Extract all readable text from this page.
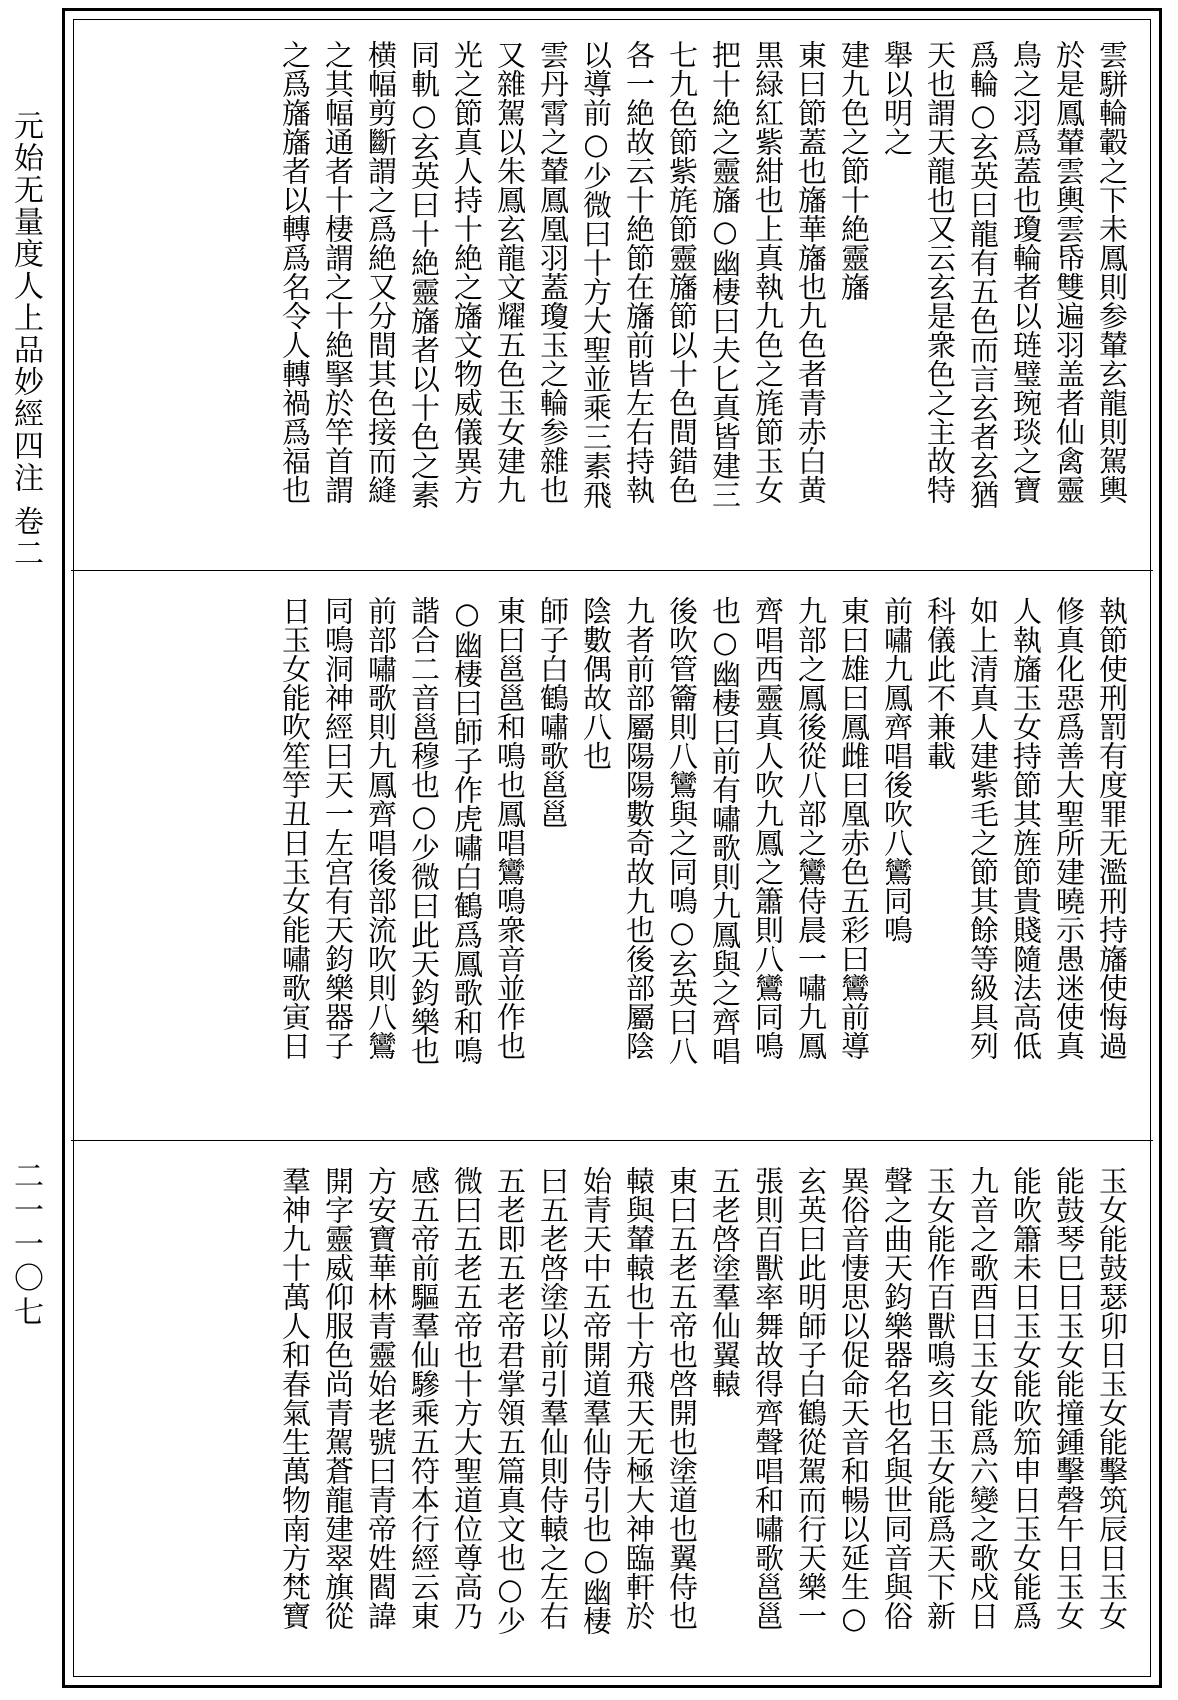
元始无量度人上品妙經四注 卷二
二一一〇七
雲駢輪轂之下未鳳則参輦玄龍則駕輿
於是鳳輦雲輿雲帋雙遍羽盖者仙禽靈
鳥之羽爲蓋也瓊輪者以琏璧琬琰之寶
爲輪○玄英曰龍有五色而言玄者玄猶
天也謂天龍也又云玄是衆色之主故特
舉以明之
建九色之節十絶靈旛
東曰節蓋也旛華旛也九色者青赤白黄
黒緑紅紫紺也上真執九色之旄節玉女
把十絶之靈旛○幽棲曰夫匕真皆建三
七九色節紫旄節靈旛節以十色間錯色
各一絶故云十絶節在旛前皆左右持執
以導前○少微曰十方大聖並乘三素飛
雲丹霄之輦鳳凰羽蓋瓊玉之輪参雜也
又雜駕以朱鳳玄龍文耀五色玉女建九
光之節真人持十絶之旛文物威儀異方
同軌○玄英曰十絶靈旛者以十色之素
横幅剪斷謂之爲絶又分間其色接而縫
之其幅通者十棲謂之十絶掔於竿首謂
之爲旛旛者以轉爲名令人轉禍爲福也
執節使刑罰有度罪无濫刑持旛使悔過
修真化惡爲善大聖所建曉示愚迷使真
人執旛玉女持節其旌節貴賤隨法高低
如上清真人建紫毛之節其餘等級具列
科儀此不兼載
前嘯九鳳齊唱後吹八鸞同鳴
東曰雄曰鳳雌曰凰赤色五彩曰鸞前導
九部之鳳後從八部之鸞侍晨一嘯九鳳
齊唱西靈真人吹九鳳之簫則八鸞同鳴
也○幽棲曰前有嘯歌則九鳳與之齊唱
後吹管籥則八鸞與之同鳴○玄英曰八
九者前部屬陽陽數奇故九也後部屬陰
陰數偶故八也
師子白鶴嘯歌邕邕
東曰邕邕和鳴也鳳唱鸞鳴衆音並作也
○幽棲曰師子作虎嘯白鶴爲鳳歌和鳴
諧合二音邕穆也○少微曰此天鈞樂也
前部嘯歌則九鳳齊唱後部流吹則八鸞
同鳴洞神經曰天一左宫有天鈞樂器子
日玉女能吹笙竽丑日玉女能嘯歌寅日
玉女能鼓瑟卯日玉女能擊筑辰日玉女
能鼓琴巳日玉女能撞鍾擊磬午日玉女
能吹簫未日玉女能吹笳申日玉女能爲
九音之歌酉日玉女能爲六變之歌戍日
玉女能作百獸鳴亥日玉女能爲天下新
聲之曲天鈞樂器名也名與世同音與俗
異俗音悽思以促命天音和暢以延生○
玄英曰此明師子白鶴從駕而行天樂一
張則百獸率舞故得齊聲唱和嘯歌邕邕
五老啓塗羣仙翼轅
東曰五老五帝也啓開也塗道也翼侍也
轅與輦轅也十方飛天无極大神臨軒於
始青天中五帝開道羣仙侍引也○幽棲
曰五老啓塗以前引羣仙則侍轅之左右
五老即五老帝君掌領五篇真文也○少
微曰五老五帝也十方大聖道位尊高乃
感五帝前驅羣仙驂乘五符本行經云東
方安寶華林青靈始老號曰青帝姓閻諱
開字靈威仰服色尚青駕蒼龍建翠旗從
羣神九十萬人和春氣生萬物南方梵寶
